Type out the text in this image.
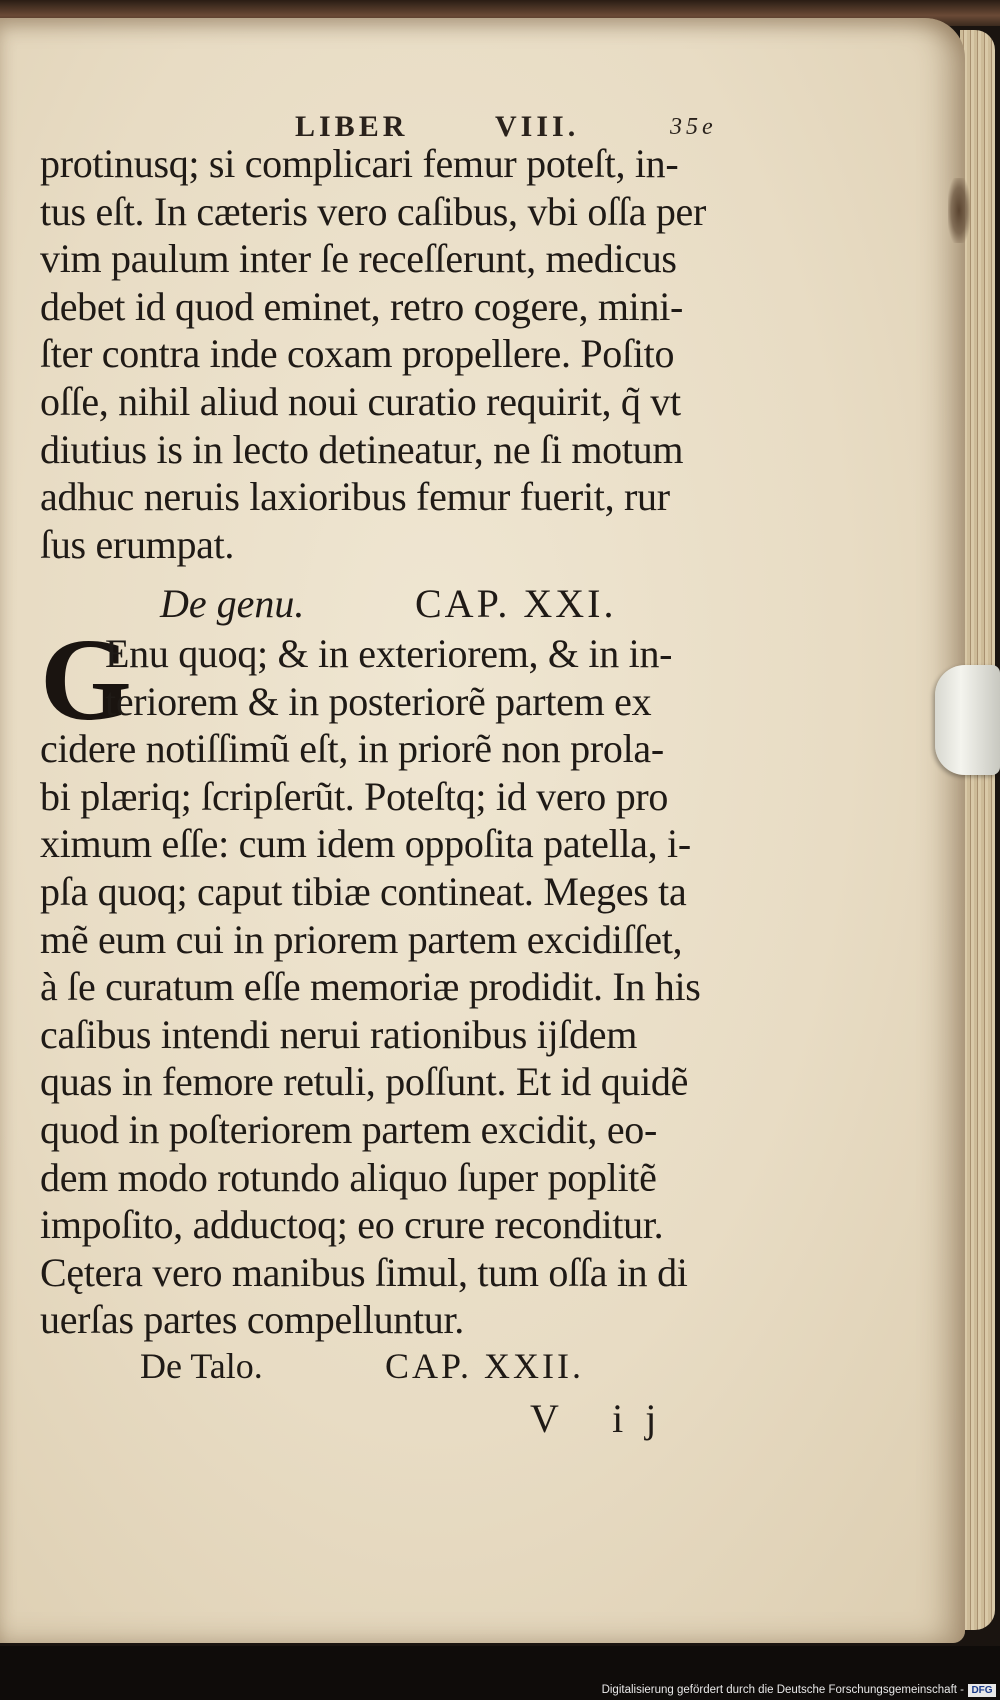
LIBER	VIII.	35e
protinusq; si complicari femur poteſt, in-
tus eſt. In cæteris vero caſibus, vbi oſſa per
vim paulum inter ſe receſſerunt, medicus
debet id quod eminet, retro cogere, mini-
ſter contra inde coxam propellere. Poſito
oſſe, nihil aliud noui curatio requirit, q̃ vt
diutius is in lecto detineatur, ne ſi motum
adhuc neruis laxioribus femur fuerit, rur
ſus erumpat.
De genu.	CAP. XXI.
G
Enu quoq; & in exteriorem, & in in-
teriorem & in posteriorẽ partem ex
cidere notiſſimũ eſt, in priorẽ non prola-
bi plæriq; ſcripſerũt. Poteſtq; id vero pro
ximum eſſe: cum idem oppoſita patella, i-
pſa quoq; caput tibiæ contineat. Meges ta
mẽ eum cui in priorem partem excidiſſet,
à ſe curatum eſſe memoriæ prodidit. In his
caſibus intendi nerui rationibus ijſdem
quas in femore retuli, poſſunt. Et id quidẽ
quod in poſteriorem partem excidit, eo-
dem modo rotundo aliquo ſuper poplitẽ
impoſito, adductoq; eo crure reconditur.
Cętera vero manibus ſimul, tum oſſa in di
uerſas partes compelluntur.
De Talo.	CAP. XXII.
V ij
Digitalisierung gefördert durch die Deutsche Forschungsgemeinschaft - DFG
